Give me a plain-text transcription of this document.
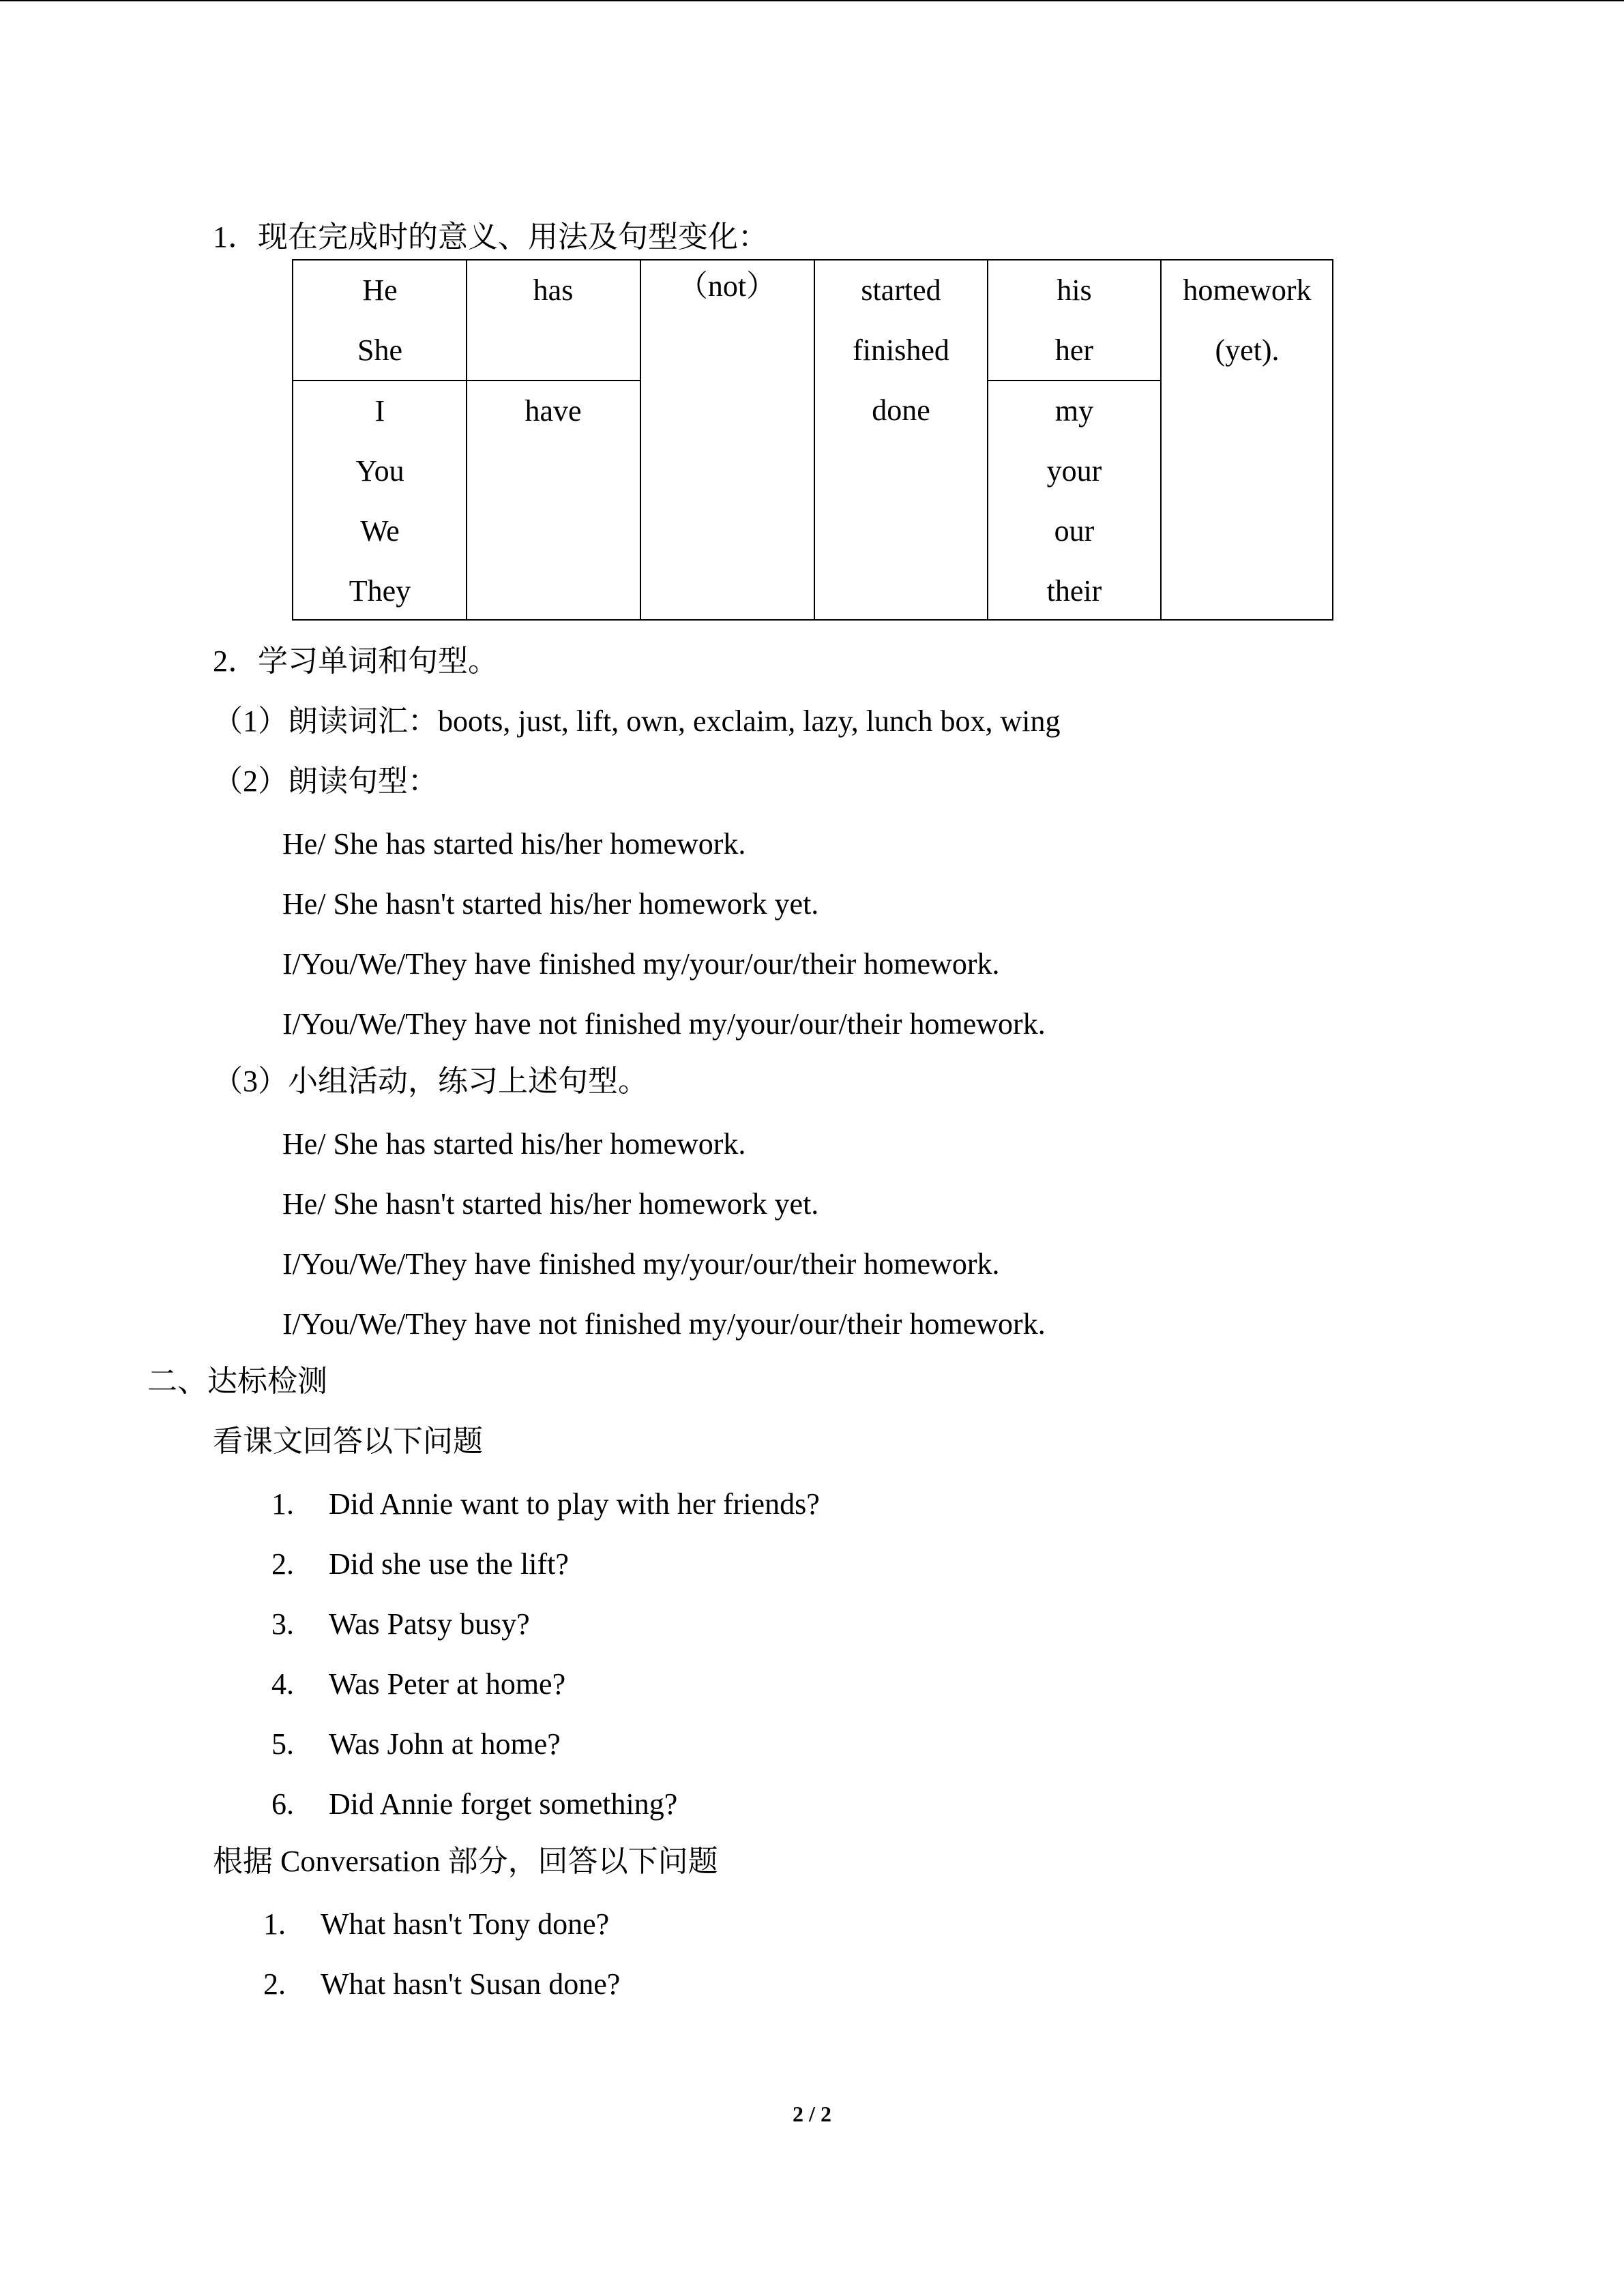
1．现在完成时的意义、用法及句型变化：
He
She
I
You
We
They
has
have
（not）	started
finished
done
his
her
my
your
our
their
homework
(yet).
2．学习单词和句型。
（1）朗读词汇：boots, just, lift, own, exclaim, lazy, lunch box, wing
（2）朗读句型：
He/ She has started his/her homework.
He/ She hasn't started his/her homework yet.
I/You/We/They have finished my/your/our/their homework.
I/You/We/They have not finished my/your/our/their homework.
（3）小组活动，练习上述句型。
He/ She has started his/her homework.
He/ She hasn't started his/her homework yet.
I/You/We/They have finished my/your/our/their homework.
I/You/We/They have not finished my/your/our/their homework.
二、达标检测
看课文回答以下问题
1. Did Annie want to play with her friends?
2. Did she use the lift?
3. Was Patsy busy?
4. Was Peter at home?
5. Was John at home?
6. Did Annie forget something?
根据 Conversation 部分，回答以下问题
1. What hasn't Tony done?
2. What hasn't Susan done?
2 / 2
